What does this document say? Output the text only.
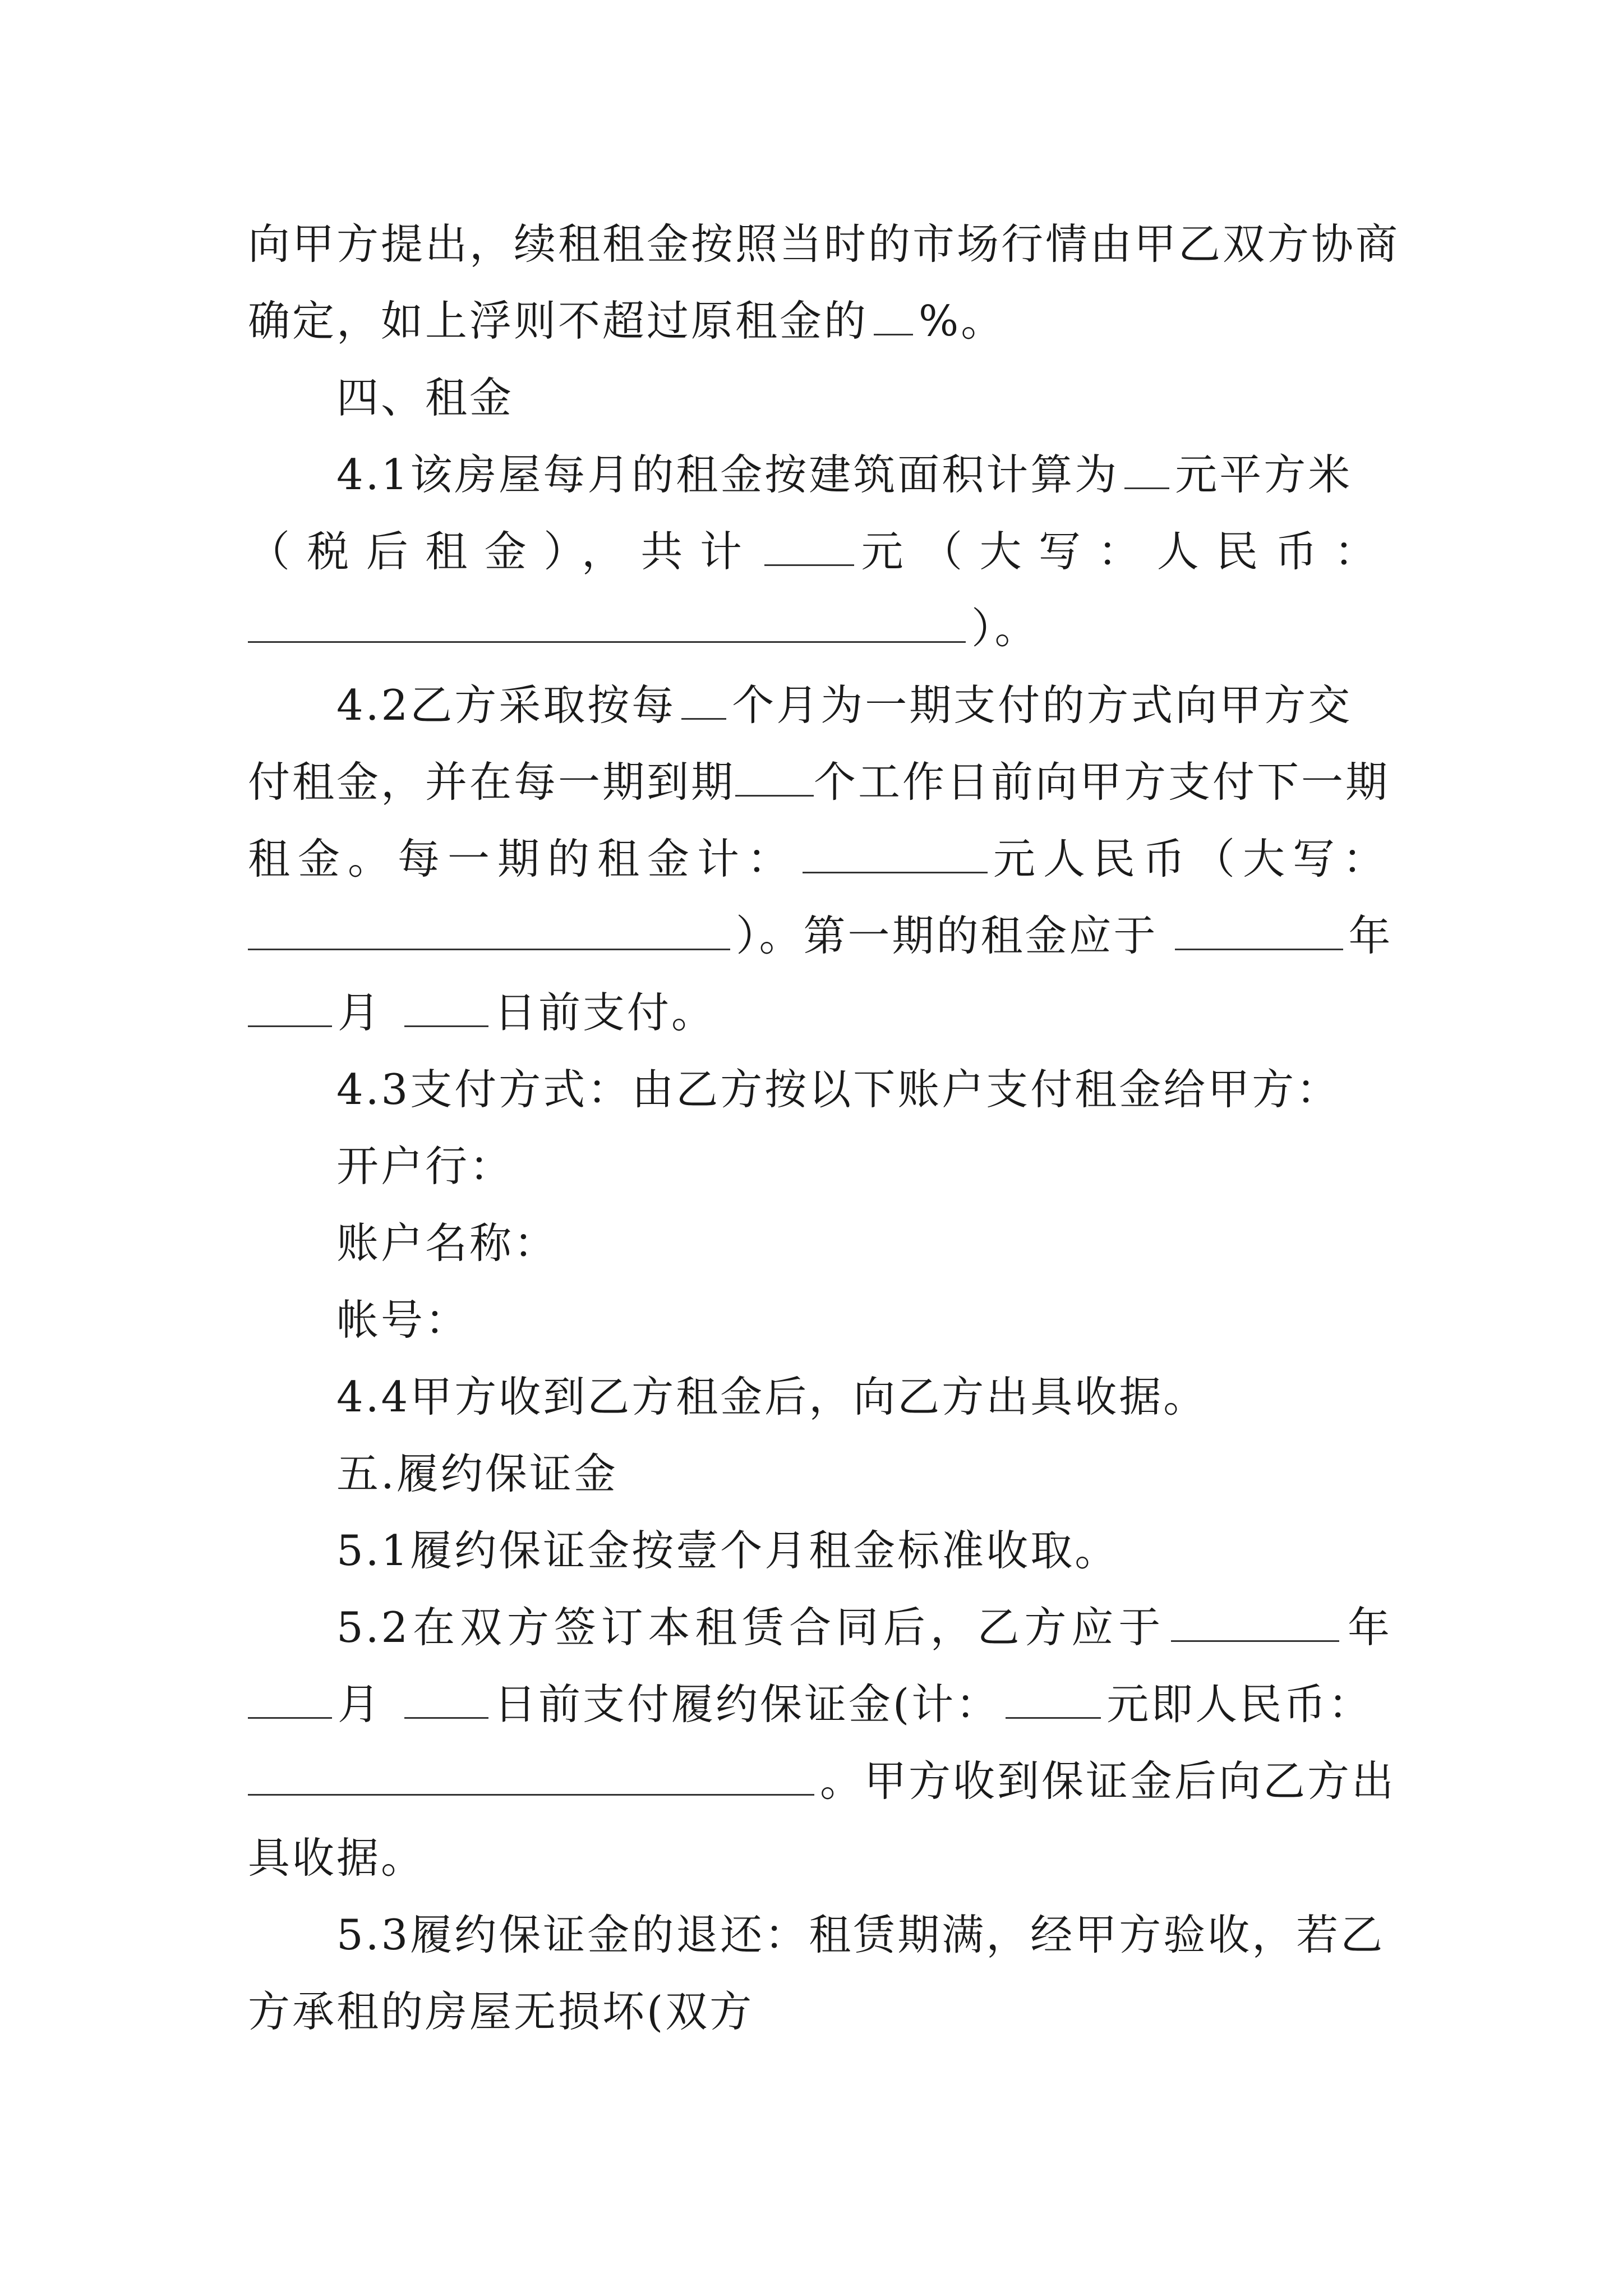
向甲方提出，续租租金按照当时的市场行情由甲乙双方协商
确定，如上浮则不超过原租金的 %。
四、租金
4.1该房屋每月的租金按建筑面积计算为 元平方米
（税后租金），共计 元（大写：人民币：
）。
4.2乙方采取按每 个月为一期支付的方式向甲方交
付租金，并在每一期到期 个工作日前向甲方支付下一期
租金。每一期的租金计：	元人民币（大写：
）。第一期的租金应于	年
月	日前支付。
4.3支付方式：由乙方按以下账户支付租金给甲方：
开户行：
账户名称：
帐号：
4.4甲方收到乙方租金后，向乙方出具收据。
五.履约保证金
5.1履约保证金按壹个月租金标准收取。
5.2在双方签订本租赁合同后，乙方应于	年
月	日前支付履约保证金(计：	元即人民币：
。甲方收到保证金后向乙方出
具收据。
5.3履约保证金的退还：租赁期满，经甲方验收，若乙
方承租的房屋无损坏(双方
